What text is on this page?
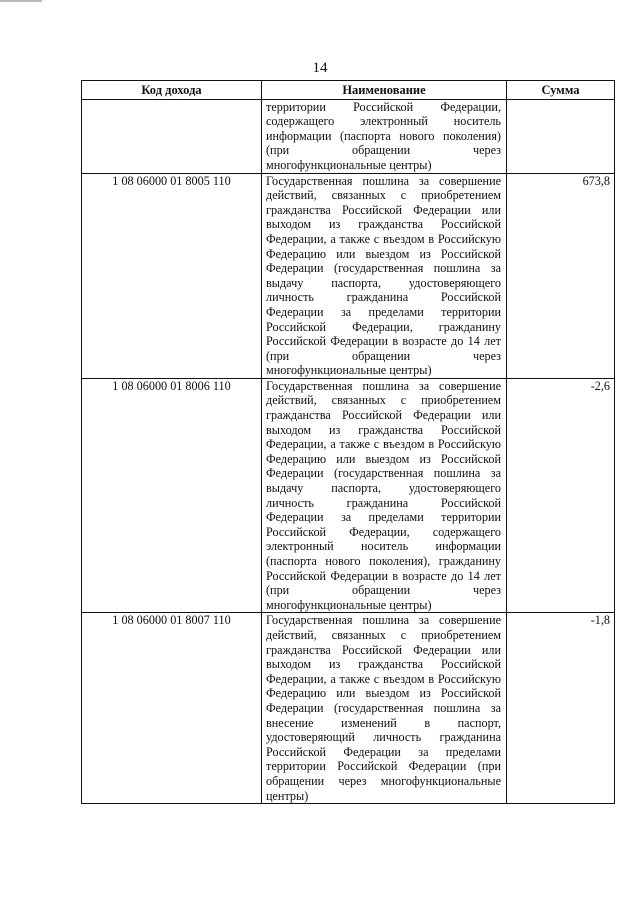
14
Код дохода	Наименование	Сумма
	территории Российской Федерации, содержащего электронный носитель информации (паспорта нового поколения) (при обращении через многофункциональные центры)	
1 08 06000 01 8005 110	Государственная пошлина за совершение действий, связанных с приобретением гражданства Российской Федерации или выходом из гражданства Российской Федерации, а также с въездом в Российскую Федерацию или выездом из Российской Федерации (государственная пошлина за выдачу паспорта, удостоверяющего личность гражданина Российской Федерации за пределами территории Российской Федерации, гражданину Российской Федерации в возрасте до 14 лет (при обращении через многофункциональные центры)	673,8
1 08 06000 01 8006 110	Государственная пошлина за совершение действий, связанных с приобретением гражданства Российской Федерации или выходом из гражданства Российской Федерации, а также с въездом в Российскую Федерацию или выездом из Российской Федерации (государственная пошлина за выдачу паспорта, удостоверяющего личность гражданина Российской Федерации за пределами территории Российской Федерации, содержащего электронный носитель информации (паспорта нового поколения), гражданину Российской Федерации в возрасте до 14 лет (при обращении через многофункциональные центры)	-2,6
1 08 06000 01 8007 110	Государственная пошлина за совершение действий, связанных с приобретением гражданства Российской Федерации или выходом из гражданства Российской Федерации, а также с въездом в Российскую Федерацию или выездом из Российской Федерации (государственная пошлина за внесение изменений в паспорт, удостоверяющий личность гражданина Российской Федерации за пределами территории Российской Федерации (при обращении через многофункциональные центры)	-1,8
